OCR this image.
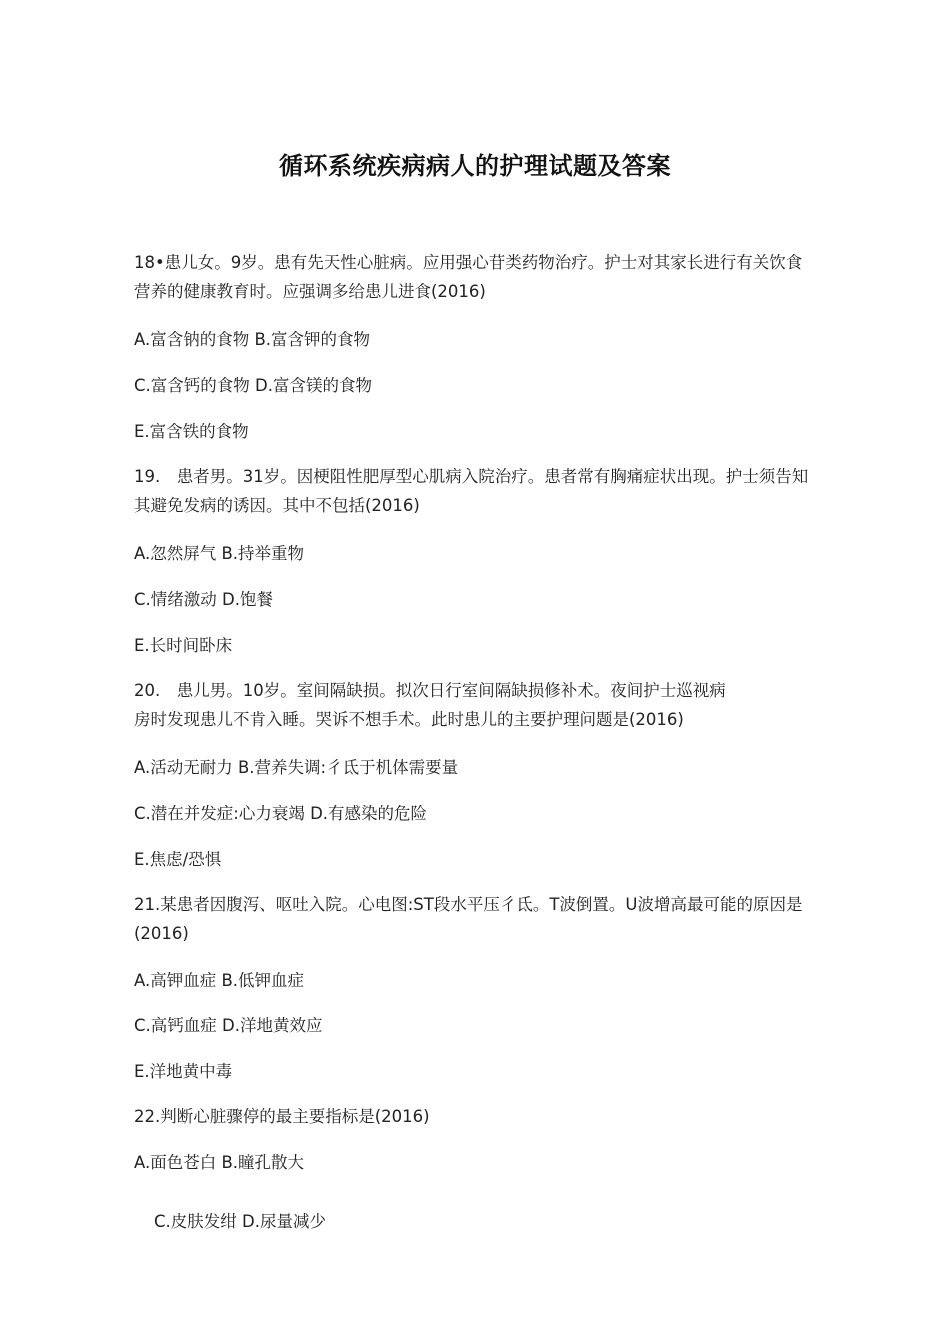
循环系统疾病病人的护理试题及答案
18•患儿女。9岁。患有先天性心脏病。应用强心苷类药物治疗。护士对其家长进行有关饮食营养的健康教育时。应强调多给患儿进食(2016)
A.富含钠的食物 B.富含钾的食物
C.富含钙的食物 D.富含镁的食物
E.富含铁的食物
19.　患者男。31岁。因梗阻性肥厚型心肌病入院治疗。患者常有胸痛症状出现。护士须告知其避免发病的诱因。其中不包括(2016)
A.忽然屏气 B.持举重物
C.情绪激动 D.饱餐
E.长时间卧床
20.　患儿男。10岁。室间隔缺损。拟次日行室间隔缺损修补术。夜间护士巡视病
房时发现患儿不肯入睡。哭诉不想手术。此时患儿的主要护理问题是(2016)
A.活动无耐力 B.营养失调:彳氐于机体需要量
C.潜在并发症:心力衰竭 D.有感染的危险
E.焦虑/恐惧
21.某患者因腹泻、呕吐入院。心电图:ST段水平压彳氐。T波倒置。U波增高最可能的原因是(2016)
A.高钾血症 B.低钾血症
C.高钙血症 D.洋地黄效应
E.洋地黄中毒
22.判断心脏骤停的最主要指标是(2016)
A.面色苍白 B.瞳孔散大
C.皮肤发绀 D.尿量减少
